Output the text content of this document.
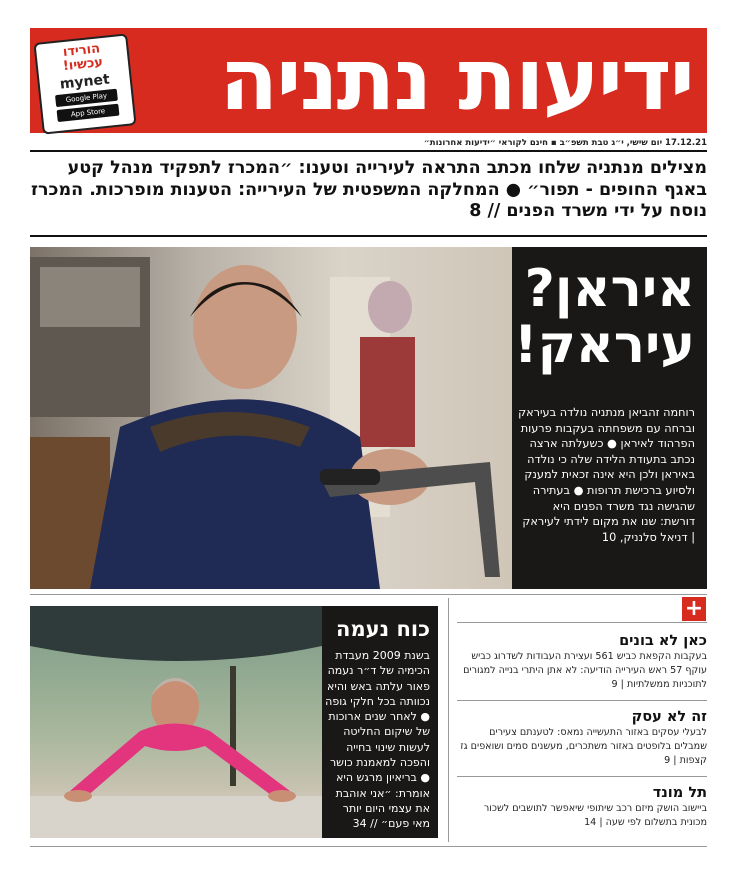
ידיעות נתניה
הורידו
עכשיו!
mynet
Google Play
App Store
17.12.21 יום שישי, י״ג טבת תשפ״ב ▪ חינם לקוראי ״ידיעות אחרונות״
מצילים מנתניה שלחו מכתב התראה לעירייה וטענו: ״המכרז לתפקיד מנהל קטע באגף החופים - תפור״ ● המחלקה המשפטית של העירייה: הטענות מופרכות. המכרז נוסח על ידי משרד הפנים // 8
איראן?
עיראק!
רוחמה זהביאן מנתניה נולדה בעיראק וברחה עם משפחתה בעקבות פרעות הפרהוד לאיראן ● כשעלתה ארצה נכתב בתעודת הלידה שלה כי נולדה באיראן ולכן היא אינה זכאית למענק ולסיוע ברכישת תרופות ● בעתירה שהגישה נגד משרד הפנים היא דורשת: שנו את מקום לידתי לעיראק | דניאל סלנניק, 10
כוח נעמה
בשנת 2009 מעבדת הכימיה של ד״ר נעמה פאור עלתה באש והיא נכוותה בכל חלקי גופה ● לאחר שנים ארוכות של שיקום החליטה לעשות שינוי בחייה והפכה למאמנת כושר ● בריאיון מרגש היא אומרת: ״אני אוהבת את עצמי היום יותר מאי פעם״ // 34
+
כאן לא בונים
בעקבות הקפאת כביש 561 ועצירת העבודות לשדרוג כביש עוקף 57 ראש העירייה הודיעה: לא אתן היתרי בנייה למגורים לתוכניות ממשלתיות | 9
זה לא עסק
לבעלי עסקים באזור התעשייה נמאס: לטענתם צעירים שמבלים בלופטים באזור משתכרים, מעשנים סמים ושואפים גז קצפות | 9
תל מונד
ביישוב הושק מיזם רכב שיתופי שיאפשר לתושבים לשכור מכונית בתשלום לפי שעה | 14
